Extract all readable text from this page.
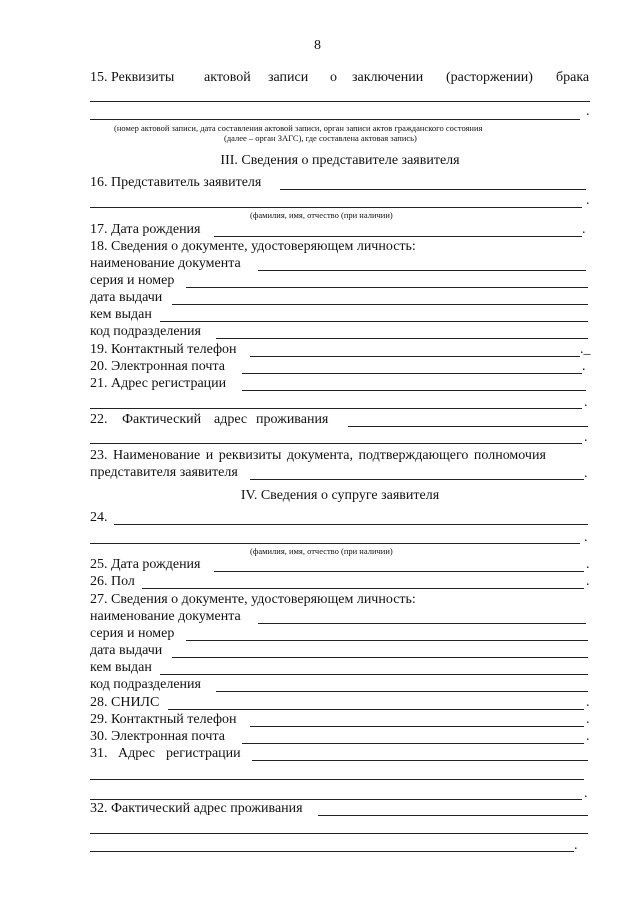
8
15. Реквизиты актовой записи о заключении (расторжении) брака
.
(номер актовой записи, дата составления актовой записи, орган записи актов гражданского состояния
(далее – орган ЗАГС), где составлена актовая запись)
III. Сведения о представителе заявителя
16. Представитель заявителя
.
(фамилия, имя, отчество (при наличии)
17. Дата рождения	.
18. Сведения о документе, удостоверяющем личность:
наименование документа
серия и номер
дата выдачи
кем выдан
код подразделения
19. Контактный телефон	._
20. Электронная почта	.
21. Адрес регистрации
.
22. Фактический адрес проживания
.
23. Наименование и реквизиты документа, подтверждающего полномочия
представителя заявителя	.
IV. Сведения о супруге заявителя
24.
.
(фамилия, имя, отчество (при наличии)
25. Дата рождения	.
26. Пол	.
27. Сведения о документе, удостоверяющем личность:
наименование документа
серия и номер
дата выдачи
кем выдан
код подразделения
28. СНИЛС	.
29. Контактный телефон	.
30. Электронная почта	.
31. Адрес регистрации
.
32. Фактический адрес проживания
.
